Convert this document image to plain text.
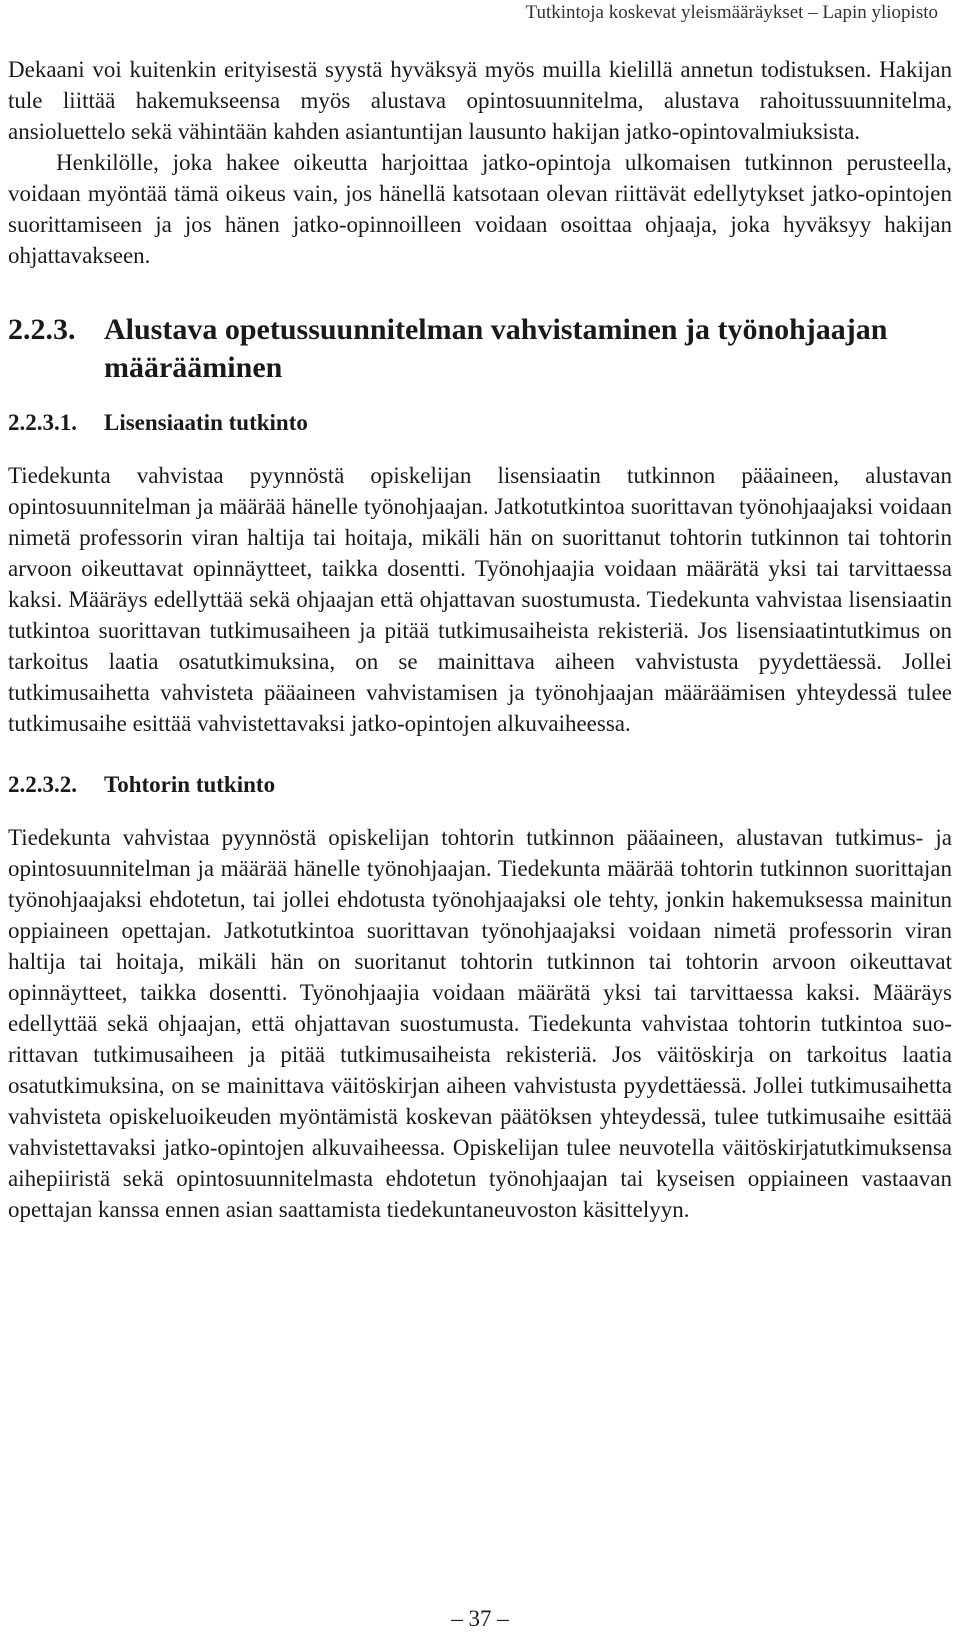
Tutkintoja koskevat yleismääräykset – Lapin yliopisto

Dekaani voi kuitenkin erityisestä syystä hyväksyä myös muilla kielillä annetun todistuksen. Hakijan tule liittää hakemukseensa myös alustava opintosuunnitelma, alustava rahoitussuunnitelma, ansioluettelo sekä vähintään kahden asiantuntijan lausunto hakijan jatko-opintovalmiuksista.

Henkilölle, joka hakee oikeutta harjoittaa jatko-opintoja ulkomaisen tutkinnon perusteella, voidaan myöntää tämä oikeus vain, jos hänellä katsotaan olevan riittävät edellytykset jatko-opintojen suorittamiseen ja jos hänen jatko-opinnoilleen voidaan osoittaa ohjaaja, joka hyväksyy hakijan ohjattavakseen.

2.2.3. Alustava opetussuunnitelman vahvistaminen ja työnohjaajan määrääminen
2.2.3.1.	Lisensiaatin tutkinto

Tiedekunta vahvistaa pyynnöstä opiskelijan lisensiaatin tutkinnon pääaineen, alustavan opintosuunnitelman ja määrää hänelle työnohjaajan. Jatkotutkintoa suorittavan työnohjaajaksi voidaan nimetä professorin viran haltija tai hoitaja, mikäli hän on suorittanut tohtorin tutkinnon tai tohtorin arvoon oikeuttavat opinnäytteet, taikka dosentti. Työnohjaajia voidaan määrätä yksi tai tarvittaessa kaksi. Määräys edellyttää sekä ohjaajan että ohjattavan suostumusta. Tiedekunta vahvistaa lisensiaatin tutkintoa suorittavan tutkimusaiheen ja pitää tutkimusaiheista rekisteriä. Jos lisensiaatintutkimus on tarkoitus laatia osatutkimuksina, on se mainittava aiheen vahvistusta pyydettäessä. Jollei tutkimusaihetta vahvisteta pääaineen vahvistamisen ja työnohjaajan määräämisen yhteydessä tulee tutkimusaihe esittää vahvistettavaksi jatko-opintojen alkuvaiheessa.

2.2.3.2.	Tohtorin tutkinto

Tiedekunta vahvistaa pyynnöstä opiskelijan tohtorin tutkinnon pääaineen, alustavan tutkimus- ja opintosuunnitelman ja määrää hänelle työnohjaajan. Tiedekunta määrää tohtorin tutkinnon suorittajan työnohjaajaksi ehdotetun, tai jollei ehdotusta työnohjaajaksi ole tehty, jonkin hakemuksessa mainitun oppiaineen opettajan. Jatkotutkintoa suorittavan työnohjaajaksi voidaan nimetä professorin viran haltija tai hoitaja, mikäli hän on suoritanut tohtorin tutkinnon tai tohtorin arvoon oikeuttavat opinnäytteet, taikka dosentti. Työnohjaajia voidaan määrätä yksi tai tarvittaessa kaksi. Määräys edellyttää sekä ohjaajan, että ohjattavan suostumusta. Tiedekunta vahvistaa tohtorin tutkintoa suorittavan tutkimusaiheen ja pitää tutkimusaiheista rekisteriä. Jos väitöskirja on tarkoitus laatia osatutkimuksina, on se mainittava väitöskirjan aiheen vahvistusta pyydettäessä. Jollei tutkimusaihetta vahvisteta opiskeluoikeuden myöntämistä koskevan päätöksen yhteydessä, tulee tutkimusaihe esittää vahvistettavaksi jatko-opintojen alkuvaiheessa. Opiskelijan tulee neuvotella väitöskirjatutkimuksensa aihepiiristä sekä opintosuunnitelmasta ehdotetun työnohjaajan tai kyseisen oppiaineen vastaavan opettajan kanssa ennen asian saattamista tiedekuntaneuvoston käsittelyyn.

– 37 –
